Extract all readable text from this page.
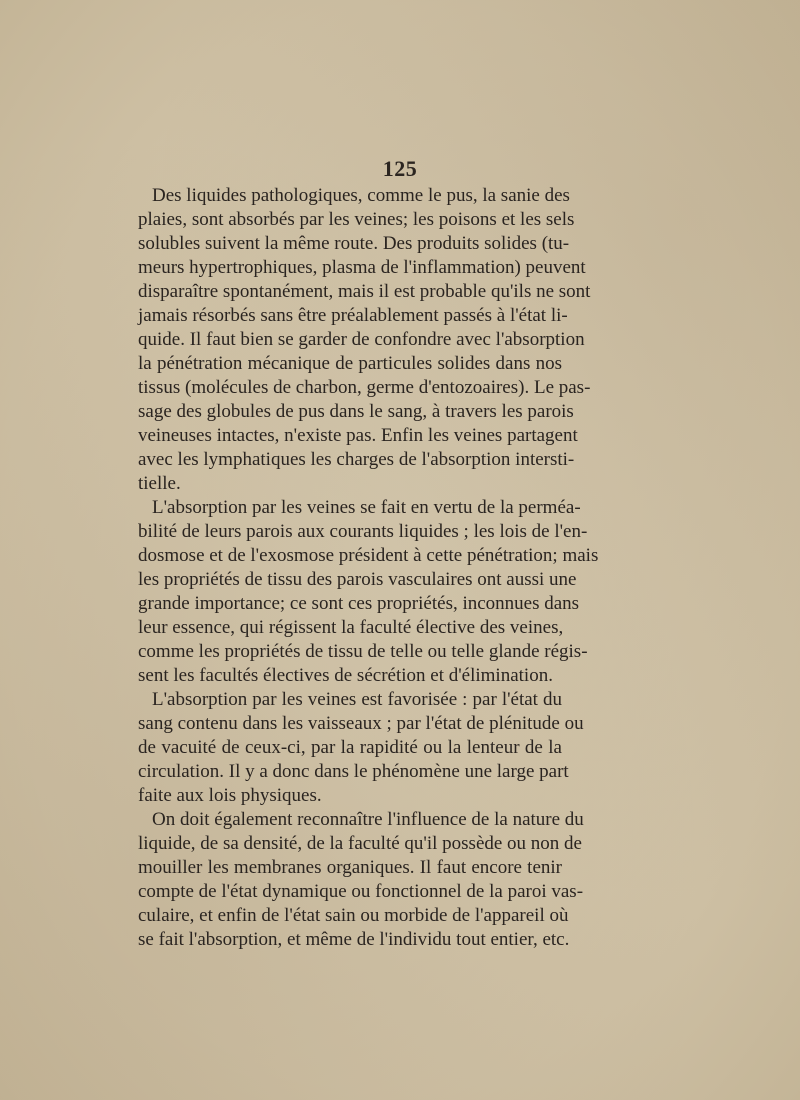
125
Des liquides pathologiques, comme le pus, la sanie des
plaies, sont absorbés par les veines; les poisons et les sels
solubles suivent la même route. Des produits solides (tu-
meurs hypertrophiques, plasma de l'inflammation) peuvent
disparaître spontanément, mais il est probable qu'ils ne sont
jamais résorbés sans être préalablement passés à l'état li-
quide. Il faut bien se garder de confondre avec l'absorption
la pénétration mécanique de particules solides dans nos
tissus (molécules de charbon, germe d'entozoaires). Le pas-
sage des globules de pus dans le sang, à travers les parois
veineuses intactes, n'existe pas. Enfin les veines partagent
avec les lymphatiques les charges de l'absorption intersti-
tielle.
L'absorption par les veines se fait en vertu de la perméa-
bilité de leurs parois aux courants liquides ; les lois de l'en-
dosmose et de l'exosmose président à cette pénétration; mais
les propriétés de tissu des parois vasculaires ont aussi une
grande importance; ce sont ces propriétés, inconnues dans
leur essence, qui régissent la faculté élective des veines,
comme les propriétés de tissu de telle ou telle glande régis-
sent les facultés électives de sécrétion et d'élimination.
L'absorption par les veines est favorisée : par l'état du
sang contenu dans les vaisseaux ; par l'état de plénitude ou
de vacuité de ceux-ci, par la rapidité ou la lenteur de la
circulation. Il y a donc dans le phénomène une large part
faite aux lois physiques.
On doit également reconnaître l'influence de la nature du
liquide, de sa densité, de la faculté qu'il possède ou non de
mouiller les membranes organiques. Il faut encore tenir
compte de l'état dynamique ou fonctionnel de la paroi vas-
culaire, et enfin de l'état sain ou morbide de l'appareil où
se fait l'absorption, et même de l'individu tout entier, etc.
